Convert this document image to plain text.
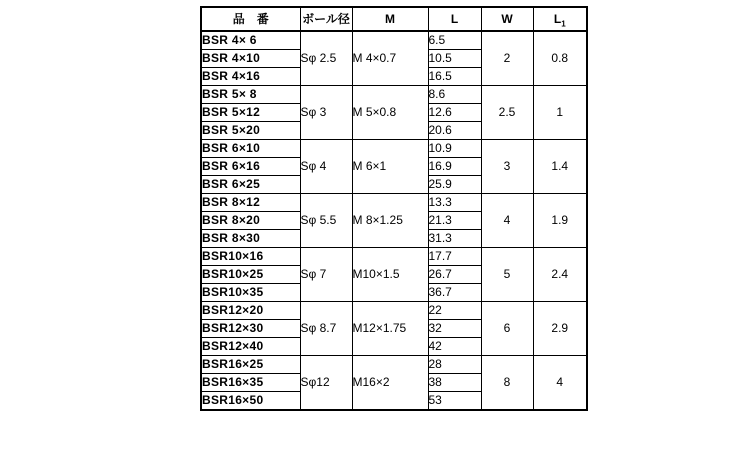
品　番	ボール径	M	L	W	$L_1$
BSR 4× 6	Sφ 2.5	M 4×0.7	6.5	2	0.8
BSR 4×10			10.5		
BSR 4×16			16.5		
BSR 5× 8	Sφ 3	M 5×0.8	8.6	2.5	1
BSR 5×12			12.6		
BSR 5×20			20.6		
BSR 6×10	Sφ 4	M 6×1	10.9	3	1.4
BSR 6×16			16.9		
BSR 6×25			25.9		
BSR 8×12	Sφ 5.5	M 8×1.25	13.3	4	1.9
BSR 8×20			21.3		
BSR 8×30			31.3		
BSR10×16	Sφ 7	M10×1.5	17.7	5	2.4
BSR10×25			26.7		
BSR10×35			36.7		
BSR12×20	Sφ 8.7	M12×1.75	22	6	2.9
BSR12×30			32		
BSR12×40			42		
BSR16×25	Sφ12	M16×2	28	8	4
BSR16×35			38		
BSR16×50			53		
